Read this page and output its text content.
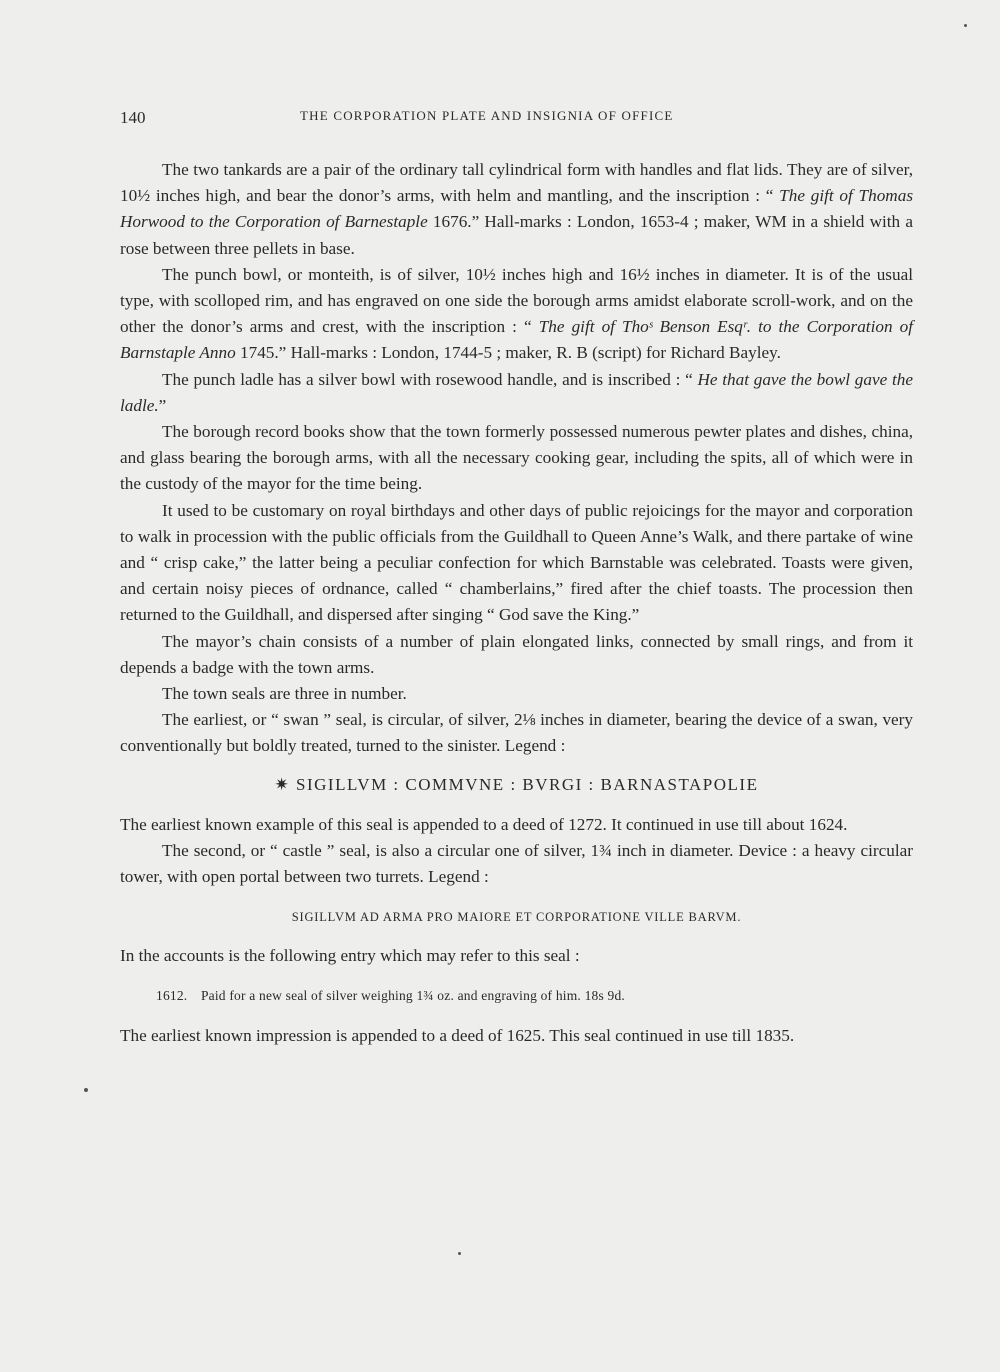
140	THE CORPORATION PLATE AND INSIGNIA OF OFFICE

The two tankards are a pair of the ordinary tall cylindrical form with handles and flat lids. They are of silver, 10½ inches high, and bear the donor’s arms, with helm and mantling, and the inscription : “ The gift of Thomas Horwood to the Corporation of Barnestaple 1676.” Hall-marks : London, 1653-4 ; maker, WM in a shield with a rose between three pellets in base.

The punch bowl, or monteith, is of silver, 10½ inches high and 16½ inches in diameter. It is of the usual type, with scolloped rim, and has engraved on one side the borough arms amidst elaborate scroll-work, and on the other the donor’s arms and crest, with the inscription : “ The gift of Thoˢ Benson Esqʳ. to the Corporation of Barnstaple Anno 1745.” Hall-marks : London, 1744-5 ; maker, R. B (script) for Richard Bayley.

The punch ladle has a silver bowl with rosewood handle, and is inscribed : “ He that gave the bowl gave the ladle.”

The borough record books show that the town formerly possessed numerous pewter plates and dishes, china, and glass bearing the borough arms, with all the necessary cooking gear, including the spits, all of which were in the custody of the mayor for the time being.

It used to be customary on royal birthdays and other days of public rejoicings for the mayor and corporation to walk in procession with the public officials from the Guildhall to Queen Anne’s Walk, and there partake of wine and “ crisp cake,” the latter being a peculiar confection for which Barnstable was celebrated. Toasts were given, and certain noisy pieces of ordnance, called “ chamberlains,” fired after the chief toasts. The procession then returned to the Guildhall, and dispersed after singing “ God save the King.”

The mayor’s chain consists of a number of plain elongated links, connected by small rings, and from it depends a badge with the town arms.

The town seals are three in number.

The earliest, or “ swan ” seal, is circular, of silver, 2⅛ inches in diameter, bearing the device of a swan, very conventionally but boldly treated, turned to the sinister. Legend :

✷ SIGILLVM : COMMVNE : BVRGI : BARNASTAPOLIE

The earliest known example of this seal is appended to a deed of 1272. It continued in use till about 1624.

The second, or “ castle ” seal, is also a circular one of silver, 1¾ inch in diameter. Device : a heavy circular tower, with open portal between two turrets. Legend :

SIGILLVM AD ARMA PRO MAIORE ET CORPORATIONE VILLE BARVM.

In the accounts is the following entry which may refer to this seal :

1612. Paid for a new seal of silver weighing 1¾ oz. and engraving of him. 18s 9d.

The earliest known impression is appended to a deed of 1625. This seal continued in use till 1835.
